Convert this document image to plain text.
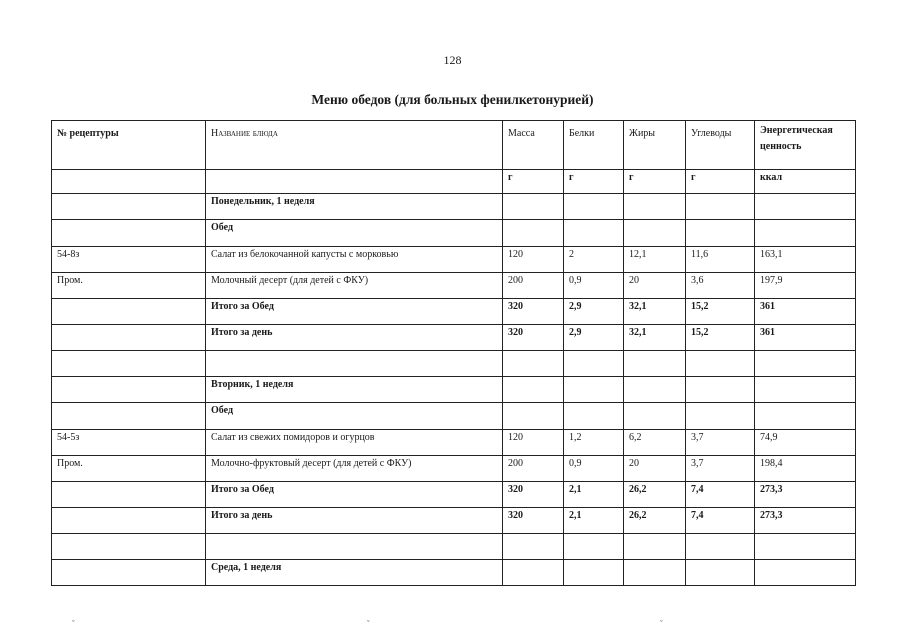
128
Меню обедов (для больных фенилкетонурией)
№ рецептуры	Название блюда	Масса	Белки	Жиры	Углеводы	Энергетическая ценность
		г	г	г	г	ккал
	Понедельник, 1 неделя					
	Обед					
54-8з	Салат из белокочанной капусты с морковью	120	2	12,1	11,6	163,1
Пром.	Молочный десерт (для детей с ФКУ)	200	0,9	20	3,6	197,9
	Итого за Обед	320	2,9	32,1	15,2	361
	Итого за день	320	2,9	32,1	15,2	361

	Вторник, 1 неделя					
	Обед					
54-5з	Салат из свежих помидоров и огурцов	120	1,2	6,2	3,7	74,9
Пром.	Молочно-фруктовый десерт (для детей с ФКУ)	200	0,9	20	3,7	198,4
	Итого за Обед	320	2,1	26,2	7,4	273,3
	Итого за день	320	2,1	26,2	7,4	273,3

	Среда, 1 неделя					
ˇ	ˇ	ˇ
